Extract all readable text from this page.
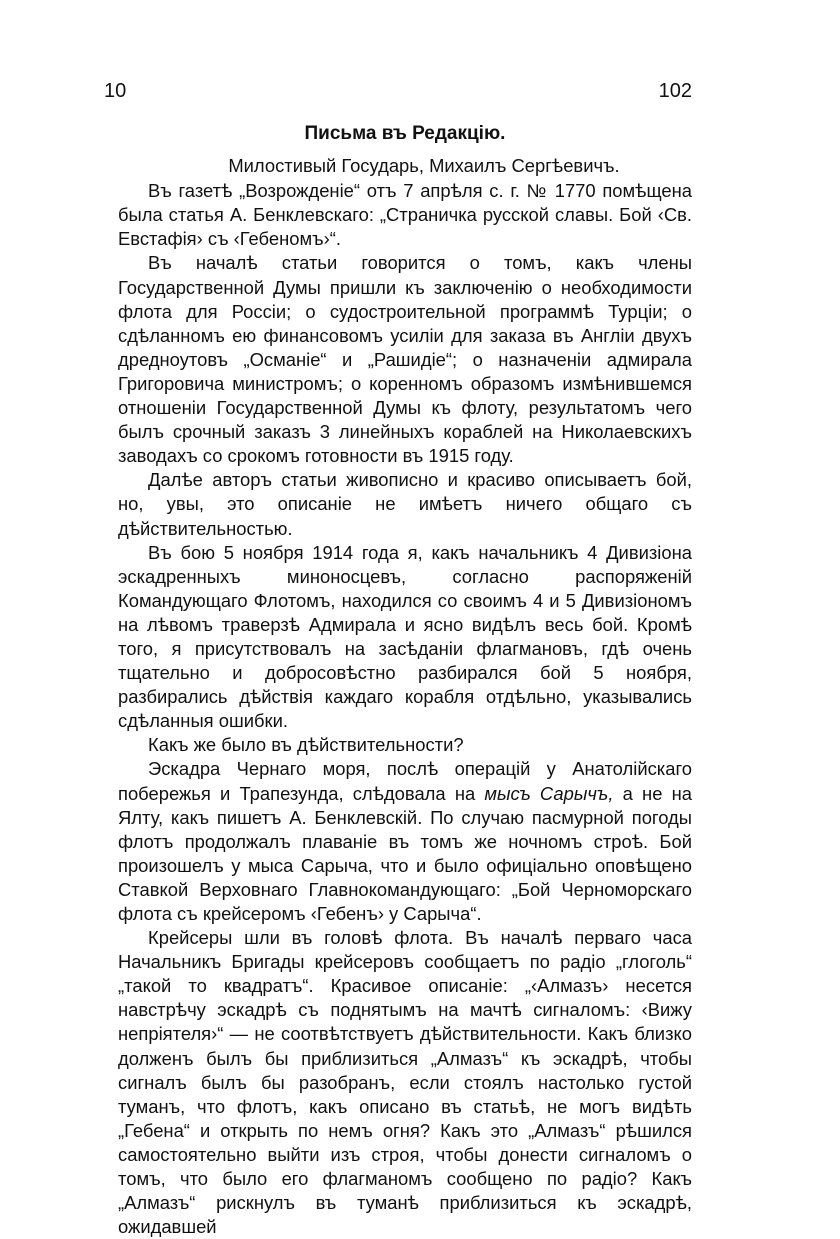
10	102
Письма въ Редакцію.
Милостивый Государь, Михаилъ Сергѣевичъ.

Въ газетѣ „Возрожденіе“ отъ 7 апрѣля с. г. № 1770 помѣщена была статья А. Бенклевскаго: „Страничка русской славы. Бой ‹Св. Евстафія› съ ‹Гебеномъ›“.

Въ началѣ статьи говорится о томъ, какъ члены Государственной Думы пришли къ заключенію о необходимости флота для Россіи; о судостроительной программѣ Турціи; о сдѣланномъ ею финансовомъ усиліи для заказа въ Англіи двухъ дредноутовъ „Османіе“ и „Рашидіе“; о назначеніи адмирала Григоровича министромъ; о коренномъ образомъ измѣнившемся отношеніи Государственной Думы къ флоту, результатомъ чего былъ срочный заказъ 3 линейныхъ кораблей на Николаевскихъ заводахъ со срокомъ готовности въ 1915 году.

Далѣе авторъ статьи живописно и красиво описываетъ бой, но, увы, это описаніе не имѣетъ ничего общаго съ дѣйствительностью.

Въ бою 5 ноября 1914 года я, какъ начальникъ 4 Дивизіона эскадренныхъ миноносцевъ, согласно распоряженій Командующаго Флотомъ, находился со своимъ 4 и 5 Дивизіономъ на лѣвомъ траверзѣ Адмирала и ясно видѣлъ весь бой. Кромѣ того, я присутствовалъ на засѣданіи флагмановъ, гдѣ очень тщательно и добросовѣстно разбирался бой 5 ноября, разбирались дѣйствія каждаго корабля отдѣльно, указывались сдѣланныя ошибки.

Какъ же было въ дѣйствительности?

Эскадра Чернаго моря, послѣ операцій у Анатолійскаго побережья и Трапезунда, слѣдовала на мысъ Сарычъ, а не на Ялту, какъ пишетъ А. Бенклевскій. По случаю пасмурной погоды флотъ продолжалъ плаваніе въ томъ же ночномъ строѣ. Бой произошелъ у мыса Сарыча, что и было офиціально оповѣщено Ставкой Верховнаго Главнокомандующаго: „Бой Черноморскаго флота съ крейсеромъ ‹Гебенъ› у Сарыча“.

Крейсеры шли въ головѣ флота. Въ началѣ перваго часа Начальникъ Бригады крейсеровъ сообщаетъ по радіо „глоголь“ „такой то квадратъ“. Красивое описаніе: „‹Алмазъ› несется навстрѣчу эскадрѣ съ поднятымъ на мачтѣ сигналомъ: ‹Вижу непріятеля›“ — не соотвѣтствуетъ дѣйствительности. Какъ близко долженъ былъ бы приблизиться „Алмазъ“ къ эскадрѣ, чтобы сигналъ былъ бы разобранъ, если стоялъ настолько густой туманъ, что флотъ, какъ описано въ статьѣ, не могъ видѣть „Гебена“ и открыть по немъ огня? Какъ это „Алмазъ“ рѣшился самостоятельно выйти изъ строя, чтобы донести сигналомъ о томъ, что было его флагманомъ сообщено по радіо? Какъ „Алмазъ“ рискнулъ въ туманѣ приблизиться къ эскадрѣ, ожидавшей
